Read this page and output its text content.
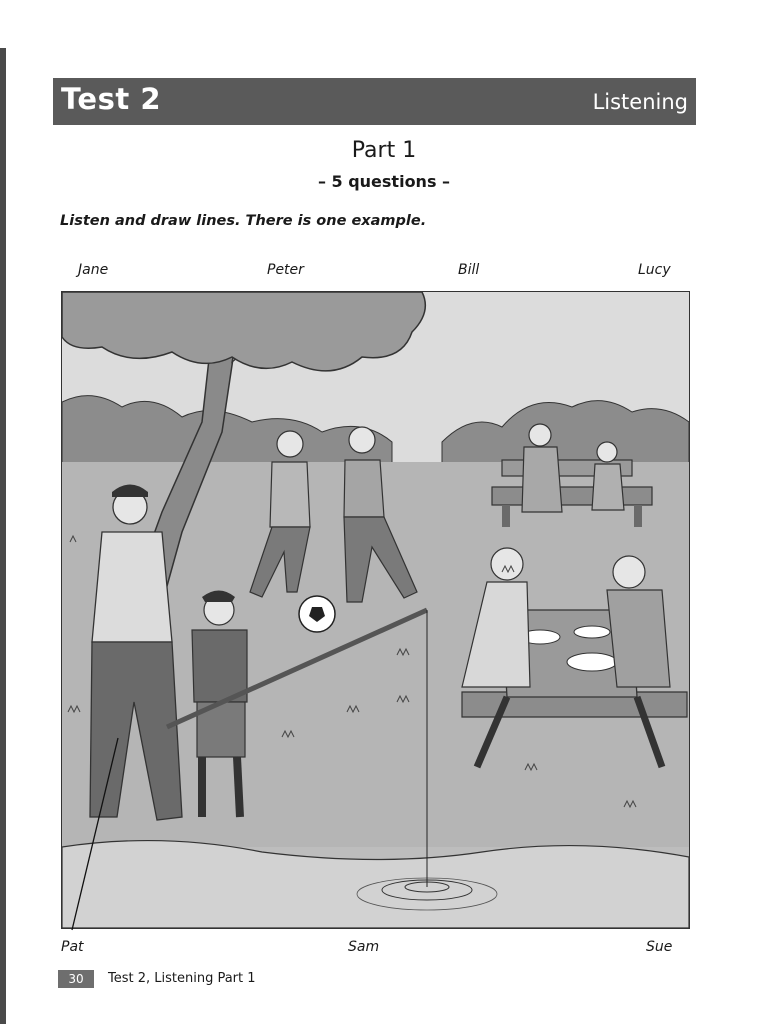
Test 2	Listening
Part 1
– 5 questions –
Listen and draw lines. There is one example.
Jane	Peter	Bill	Lucy
Pat	Sam	Sue
30	Test 2, Listening Part 1
